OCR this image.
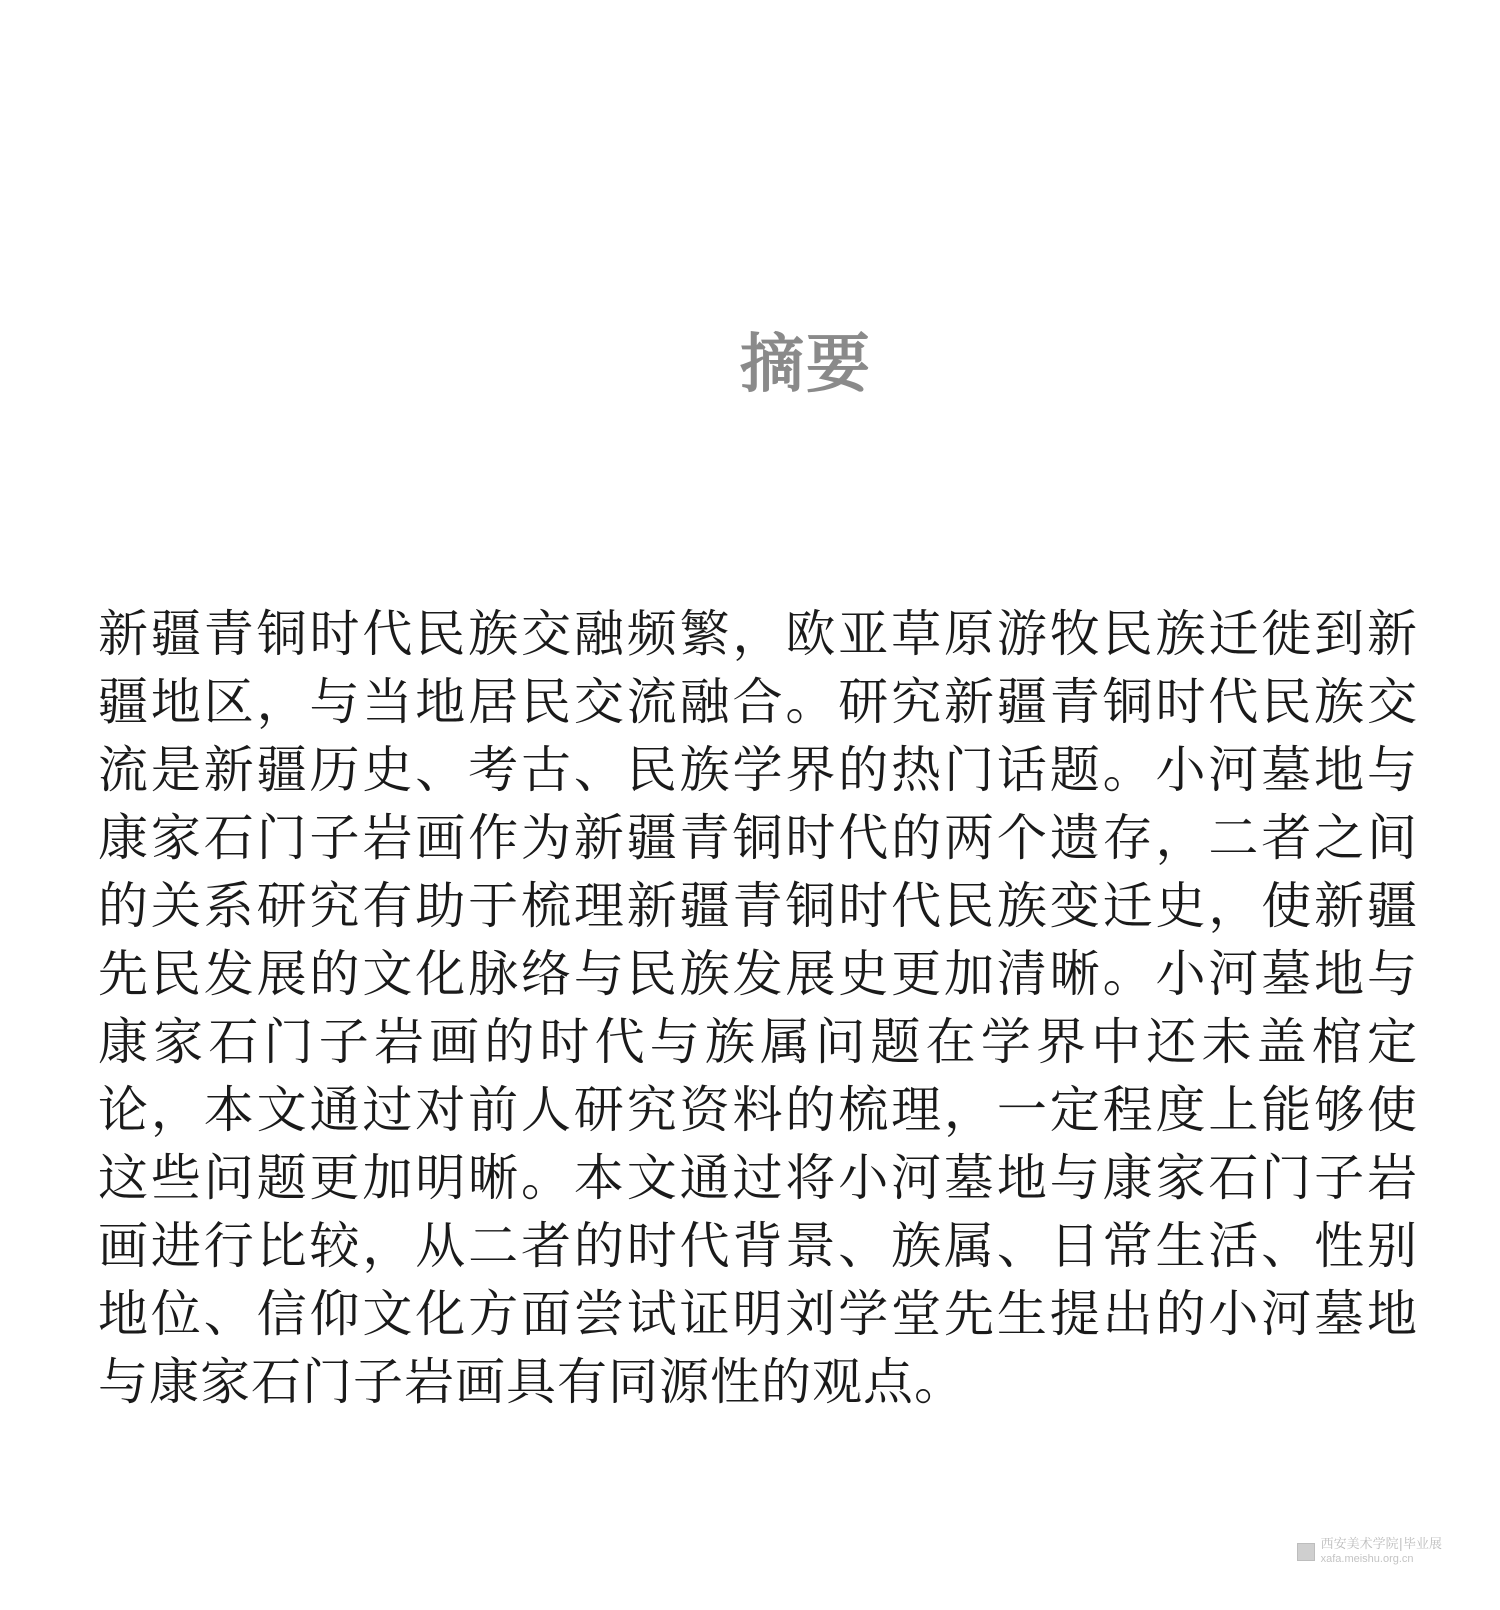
摘要

新疆青铜时代民族交融频繁，欧亚草原游牧民族迁徙到新疆地区，与当地居民交流融合。研究新疆青铜时代民族交流是新疆历史、考古、民族学界的热门话题。小河墓地与康家石门子岩画作为新疆青铜时代的两个遗存，二者之间的关系研究有助于梳理新疆青铜时代民族变迁史，使新疆先民发展的文化脉络与民族发展史更加清晰。小河墓地与康家石门子岩画的时代与族属问题在学界中还未盖棺定论，本文通过对前人研究资料的梳理，一定程度上能够使这些问题更加明晰。本文通过将小河墓地与康家石门子岩画进行比较，从二者的时代背景、族属、日常生活、性别地位、信仰文化方面尝试证明刘学堂先生提出的小河墓地与康家石门子岩画具有同源性的观点。

西安美术学院|毕业展
xafa.meishu.org.cn
